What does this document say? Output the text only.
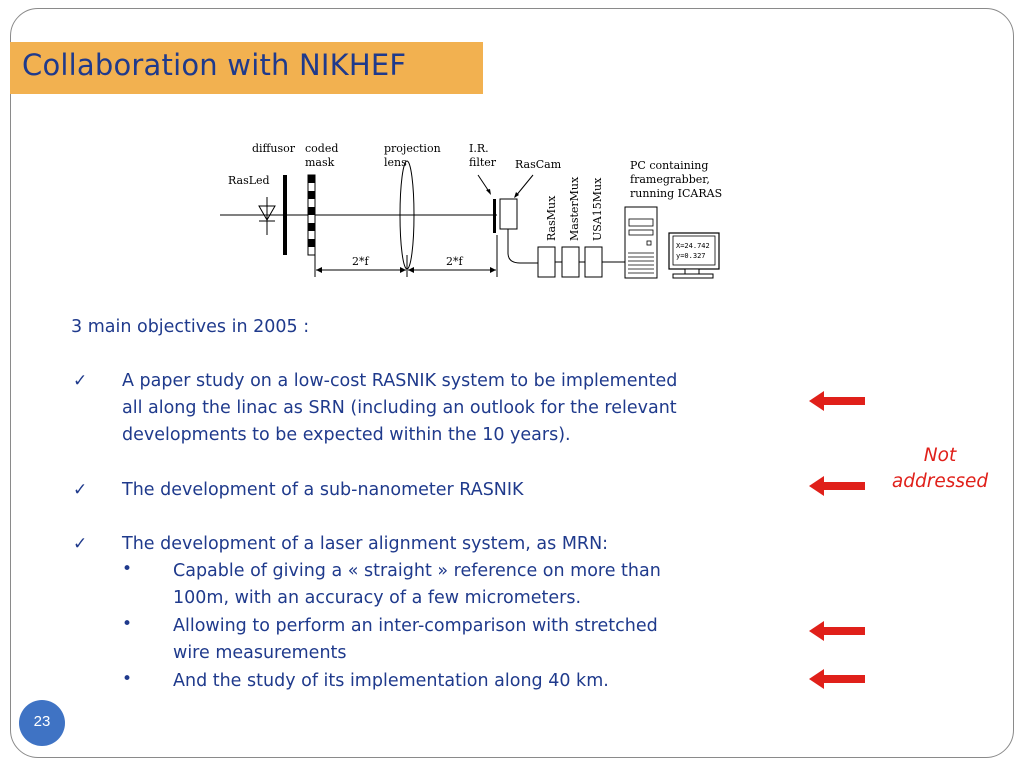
Collaboration with NIKHEF
diffusor coded
mask
projection
lens
I.R.
filter RasCam
RasLed
PC containing
framegrabber,
running ICARAS
2*f	2*f
RasMux MasterMux USA15Mux
X=24.742
y=0.327
3 main objectives in 2005 :
✓ A paper study on a low-cost RASNIK system to be implemented
all along the linac as SRN (including an outlook for the relevant
developments to be expected within the 10 years).
✓ The development of a sub-nanometer RASNIK
✓ The development of a laser alignment system, as MRN:
• Capable of giving a « straight » reference on more than
100m, with an accuracy of a few micrometers.
• Allowing to perform an inter-comparison with stretched
wire measurements
• And the study of its implementation along 40 km.
Not
addressed
23
